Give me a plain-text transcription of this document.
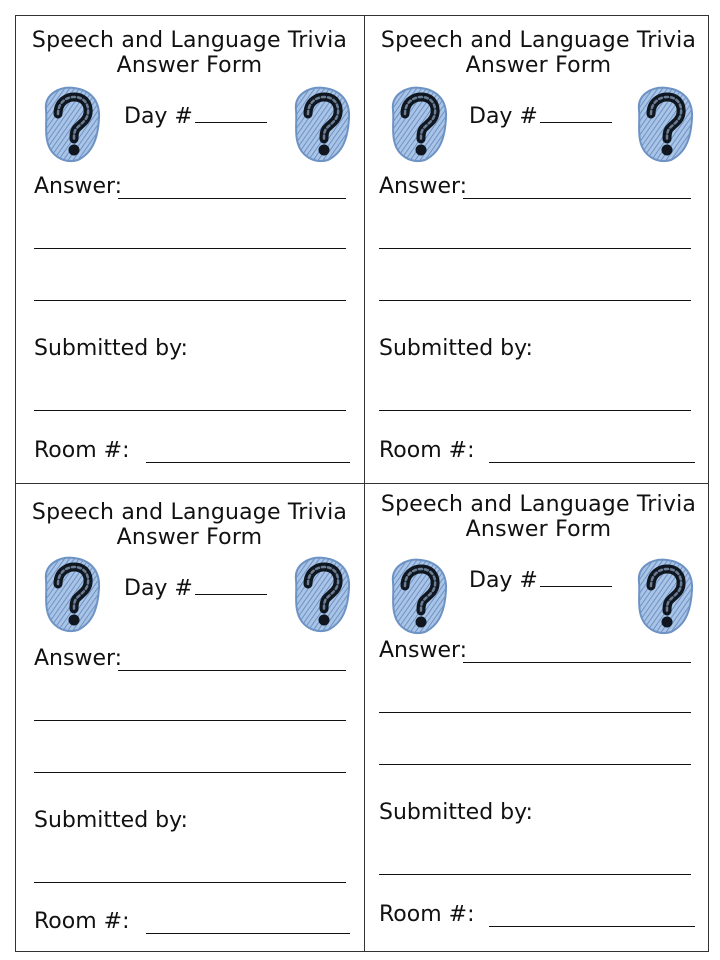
Speech and Language Trivia
Answer Form
Day #
Answer:
Submitted by:
Room #:
Speech and Language Trivia
Answer Form
Day #
Answer:
Submitted by:
Room #:
Speech and Language Trivia
Answer Form
Day #
Answer:
Submitted by:
Room #:
Speech and Language Trivia
Answer Form
Day #
Answer:
Submitted by:
Room #:
